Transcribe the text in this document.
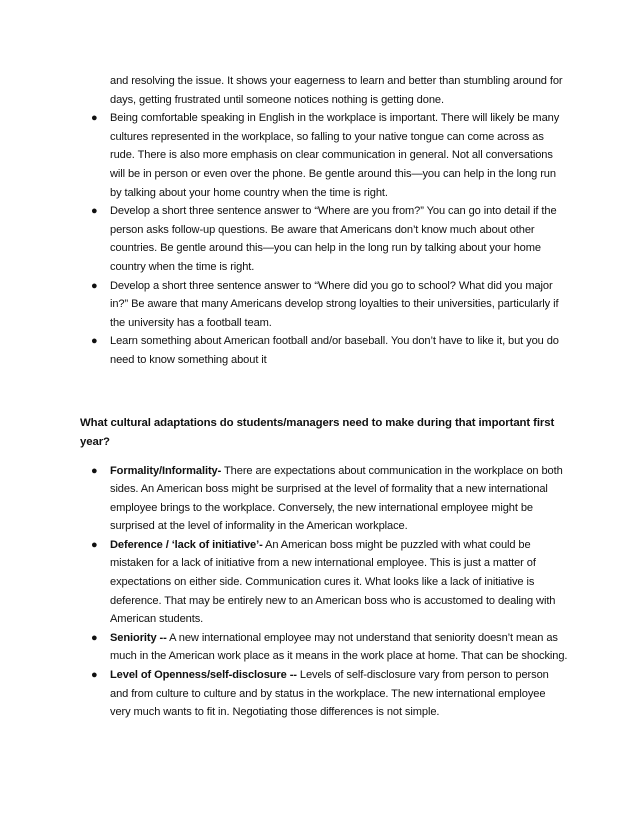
and resolving the issue. It shows your eagerness to learn and better than stumbling around for days, getting frustrated until someone notices nothing is getting done.

● Being comfortable speaking in English in the workplace is important. There will likely be many cultures represented in the workplace, so falling to your native tongue can come across as rude. There is also more emphasis on clear communication in general. Not all conversations will be in person or even over the phone. Be gentle around this—you can help in the long run by talking about your home country when the time is right.
● Develop a short three sentence answer to “Where are you from?” You can go into detail if the person asks follow-up questions. Be aware that Americans don’t know much about other countries. Be gentle around this—you can help in the long run by talking about your home country when the time is right.
● Develop a short three sentence answer to “Where did you go to school? What did you major in?” Be aware that many Americans develop strong loyalties to their universities, particularly if the university has a football team.
● Learn something about American football and/or baseball. You don’t have to like it, but you do need to know something about it

What cultural adaptations do students/managers need to make during that important first year?

● Formality/Informality- There are expectations about communication in the workplace on both sides. An American boss might be surprised at the level of formality that a new international employee brings to the workplace. Conversely, the new international employee might be surprised at the level of informality in the American workplace.
● Deference / ‘lack of initiative’- An American boss might be puzzled with what could be mistaken for a lack of initiative from a new international employee. This is just a matter of expectations on either side. Communication cures it. What looks like a lack of initiative is deference. That may be entirely new to an American boss who is accustomed to dealing with American students.
● Seniority -- A new international employee may not understand that seniority doesn’t mean as much in the American work place as it means in the work place at home. That can be shocking.
● Level of Openness/self-disclosure -- Levels of self-disclosure vary from person to person and from culture to culture and by status in the workplace. The new international employee very much wants to fit in. Negotiating those differences is not simple.
